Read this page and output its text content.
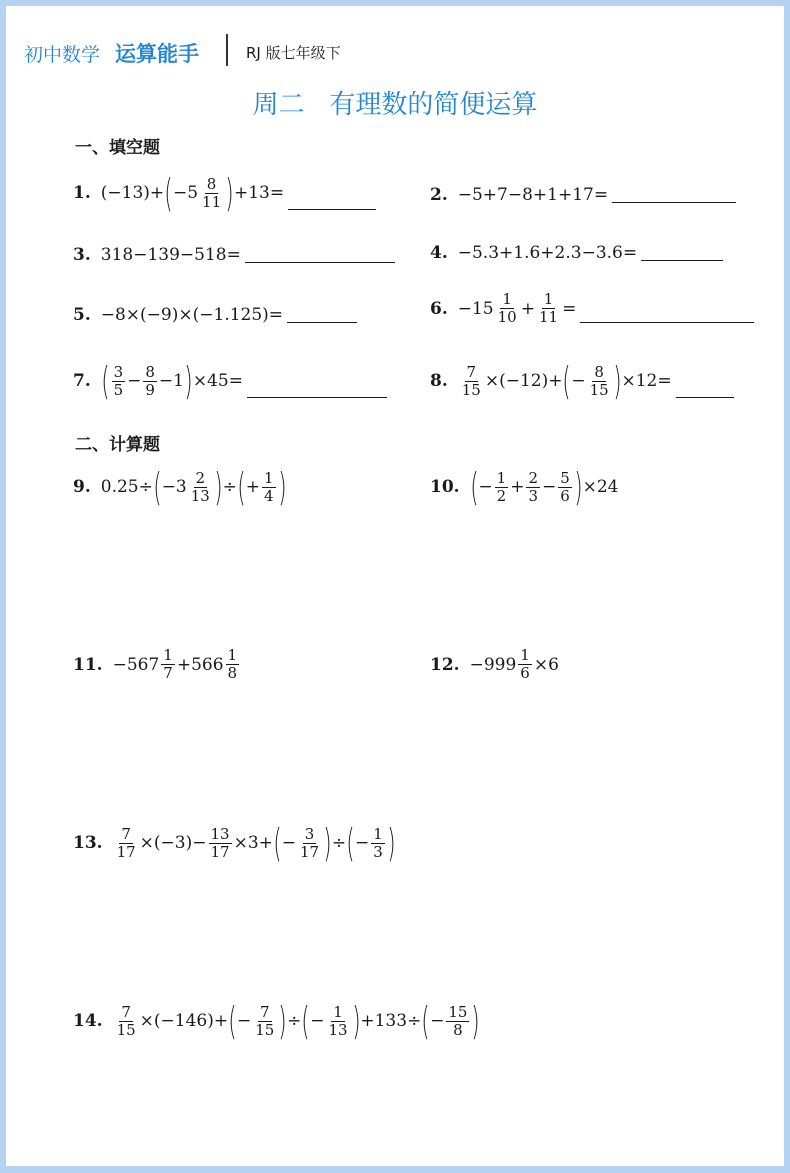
初中数学 运算能手	RJ 版七年级下
周二   有理数的简便运算
一、填空题
1. (−13)+ ( $-5 \frac{8}{11}$ ) +13=	2. −5+7−8+1+17=
3. 318−139−518=	4. −5.3+1.6+2.3−3.6=
5. −8×(−9)×(−1.125)=	6. $-15 \frac{1}{10} + \frac{1}{11}$ =
7. ( $\frac{3}{5} - \frac{8}{9} -1$ ) ×45=	8. $\frac{7}{15} \times(-12)+$ ( − $\frac{8}{15}$ ) ×12=
二、计算题
9. 0.25÷ ( $-3 \frac{2}{13}$ ) ÷ ( + $\frac{1}{4}$ )	10. ( − $\frac{1}{2} + \frac{2}{3} - \frac{5}{6}$ ) ×24
11. $-567 \frac{1}{7} +566 \frac{1}{8}$	12. $-999 \frac{1}{6} \times 6$
13. $\frac{7}{17} \times(-3)- \frac{13}{17} \times 3+$ ( − $\frac{3}{17}$ ) ÷ ( − $\frac{1}{3}$ )
14. $\frac{7}{15} \times(-146)+$ ( − $\frac{7}{15}$ ) ÷ ( − $\frac{1}{13}$ ) +133÷ ( − $\frac{15}{8}$ )
